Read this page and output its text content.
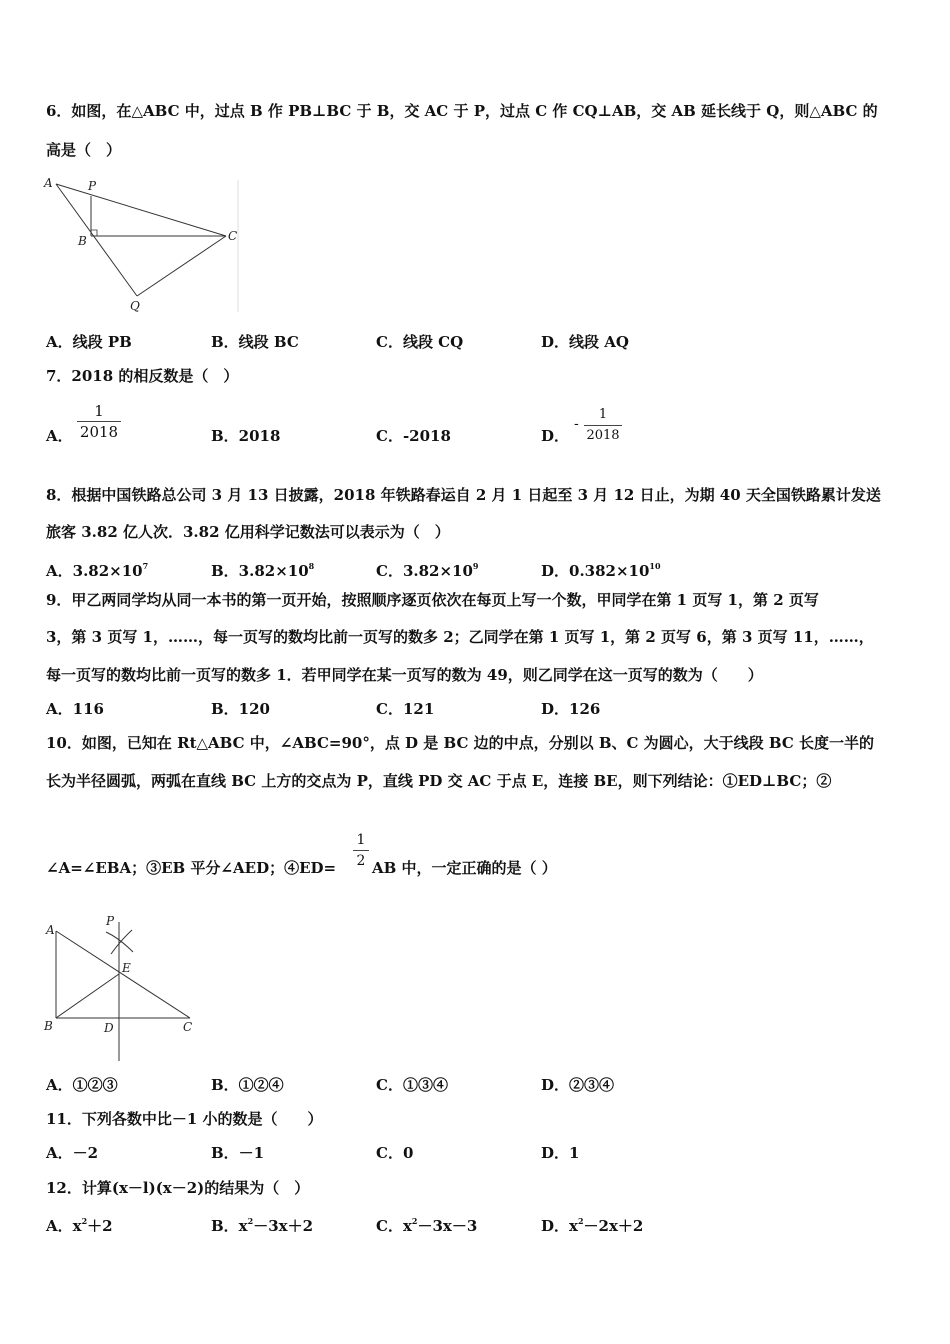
6．如图，在△ABC 中，过点 B 作 PB⊥BC 于 B，交 AC 于 P，过点 C 作 CQ⊥AB，交 AB 延长线于 Q，则△ABC 的
高是（　）
A	P
B	C
Q
A．线段 PB	B．线段 BC	C．线段 CQ	D．线段 AQ
7．2018 的相反数是（　）
A．
1
2018	B．2018	C．-2018	D．
-
1
2018
8．根据中国铁路总公司 3 月 13 日披露，2018 年铁路春运自 2 月 1 日起至 3 月 12 日止，为期 40 天全国铁路累计发送
旅客 3.82 亿人次．3.82 亿用科学记数法可以表示为（　）
A．$3.82\times 10^7$	B．$3.82\times 10^8$	C．$3.82\times 10^9$	D．$0.382\times 10^{10}$
9．甲乙两同学均从同一本书的第一页开始，按照顺序逐页依次在每页上写一个数，甲同学在第 1 页写 1，第 2 页写
3，第 3 页写 1，……，每一页写的数均比前一页写的数多 2；乙同学在第 1 页写 1，第 2 页写 6，第 3 页写 11，……，
每一页写的数均比前一页写的数多 1．若甲同学在某一页写的数为 49，则乙同学在这一页写的数为（　　）
A．116	B．120	C．121	D．126
10．如图，已知在 Rt△ABC 中，∠ABC=90°，点 D 是 BC 边的中点，分别以 B、C 为圆心，大于线段 BC 长度一半的
长为半径圆弧，两弧在直线 BC 上方的交点为 P，直线 PD 交 AC 于点 E，连接 BE，则下列结论：①ED⊥BC；②
∠A=∠EBA；③EB 平分∠AED；④ED=
1
2 AB 中，一定正确的是（ ）
A
P
E
B	D	C
A．①②③	B．①②④	C．①③④	D．②③④
11．下列各数中比－1 小的数是（　　）
A．－2	B．－1	C．0	D．1
12．计算(x－l)(x－2)的结果为（　）
A．$x^2+2$	B．$x^2-3x+2$	C．$x^2-3x-3$	D．$x^2-2x+2$
